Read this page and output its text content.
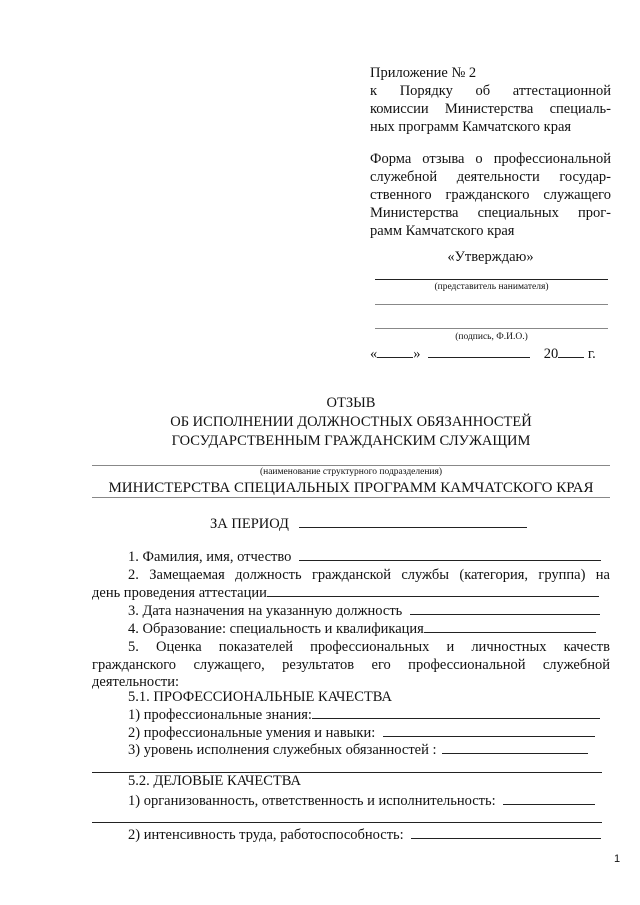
Приложение № 2
к Порядку об аттестационной
комиссии Министерства специаль-
ных программ Камчатского края
Форма отзыва о профессиональной
служебной деятельности государ-
ственного гражданского служащего
Министерства специальных прог-
рамм Камчатского края
«Утверждаю»
(представитель нанимателя)
(подпись, Ф.И.О.)
« »	20 г.
ОТЗЫВ
ОБ ИСПОЛНЕНИИ ДОЛЖНОСТНЫХ ОБЯЗАННОСТЕЙ
ГОСУДАРСТВЕННЫМ ГРАЖДАНСКИМ СЛУЖАЩИМ
(наименование структурного подразделения)
МИНИСТЕРСТВА СПЕЦИАЛЬНЫХ ПРОГРАММ КАМЧАТСКОГО КРАЯ
ЗА ПЕРИОД
1. Фамилия, имя, отчество
2. Замещаемая должность гражданской службы (категория, группа) на
день проведения аттестации
3. Дата назначения на указанную должность
4. Образование: специальность и квалификация
5. Оценка показателей профессиональных и личностных качеств
гражданского служащего, результатов его профессиональной служебной
деятельности:
5.1. ПРОФЕССИОНАЛЬНЫЕ КАЧЕСТВА
1) профессиональные знания:
2) профессиональные умения и навыки:
3) уровень исполнения служебных обязанностей :
5.2. ДЕЛОВЫЕ КАЧЕСТВА
1) организованность, ответственность и исполнительность:
2) интенсивность труда, работоспособность:
1
